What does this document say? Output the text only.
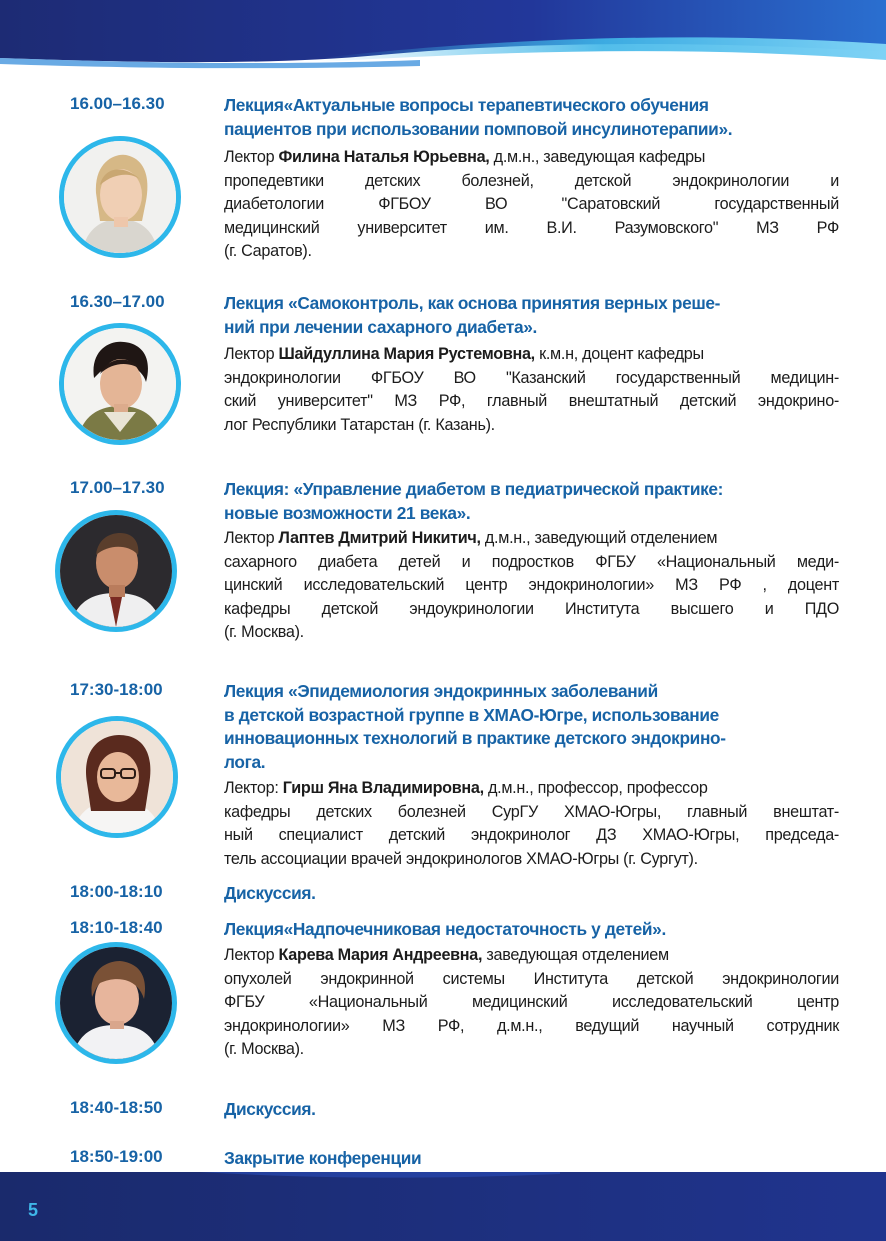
16.00–16.30	Лекция«Актуальные вопросы терапевтического обучения
пациентов при использовании помповой инсулинотерапии».
Лектор Филина Наталья Юрьевна, д.м.н., заведующая кафедры
пропедевтики детских болезней, детской эндокринологии и
диабетологии ФГБОУ ВО "Саратовский государственный
медицинский университет им. В.И. Разумовского" МЗ РФ
(г. Саратов).
16.30–17.00	Лекция «Самоконтроль, как основа принятия верных реше-
ний при лечении сахарного диабета».
Лектор Шайдуллина Мария Рустемовна, к.м.н, доцент кафедры
эндокринологии ФГБОУ ВО "Казанский государственный медицин-
ский университет" МЗ РФ, главный внештатный детский эндокрино-
лог Республики Татарстан (г. Казань).
17.00–17.30	Лекция: «Управление диабетом в педиатрической практике:
новые возможности 21 века».
Лектор Лаптев Дмитрий Никитич, д.м.н., заведующий отделением
сахарного диабета детей и подростков ФГБУ «Национальный меди-
цинский исследовательский центр эндокринологии» МЗ РФ , доцент
кафедры детской эндоукринологии Института высшего и ПДО
(г. Москва).
17:30-18:00	Лекция «Эпидемиология эндокринных заболеваний
в детской возрастной группе в ХМАО-Югре, использование
инновационных технологий в практике детского эндокрино-
лога.
Лектор: Гирш Яна Владимировна, д.м.н., профессор, профессор
кафедры детских болезней СурГУ ХМАО-Югры, главный внештат-
ный специалист детский эндокринолог ДЗ ХМАО-Югры, председа-
тель ассоциации врачей эндокринологов ХМАО-Югры (г. Сургут).
18:00-18:10	Дискуссия.
18:10-18:40	Лекция«Надпочечниковая недостаточность у детей».
Лектор Карева Мария Андреевна, заведующая отделением
опухолей эндокринной системы Института детской эндокринологии
ФГБУ «Национальный медицинский исследовательский центр
эндокринологии» МЗ РФ, д.м.н., ведущий научный сотрудник
(г. Москва).
18:40-18:50	Дискуссия.
18:50-19:00	Закрытие конференции
5
